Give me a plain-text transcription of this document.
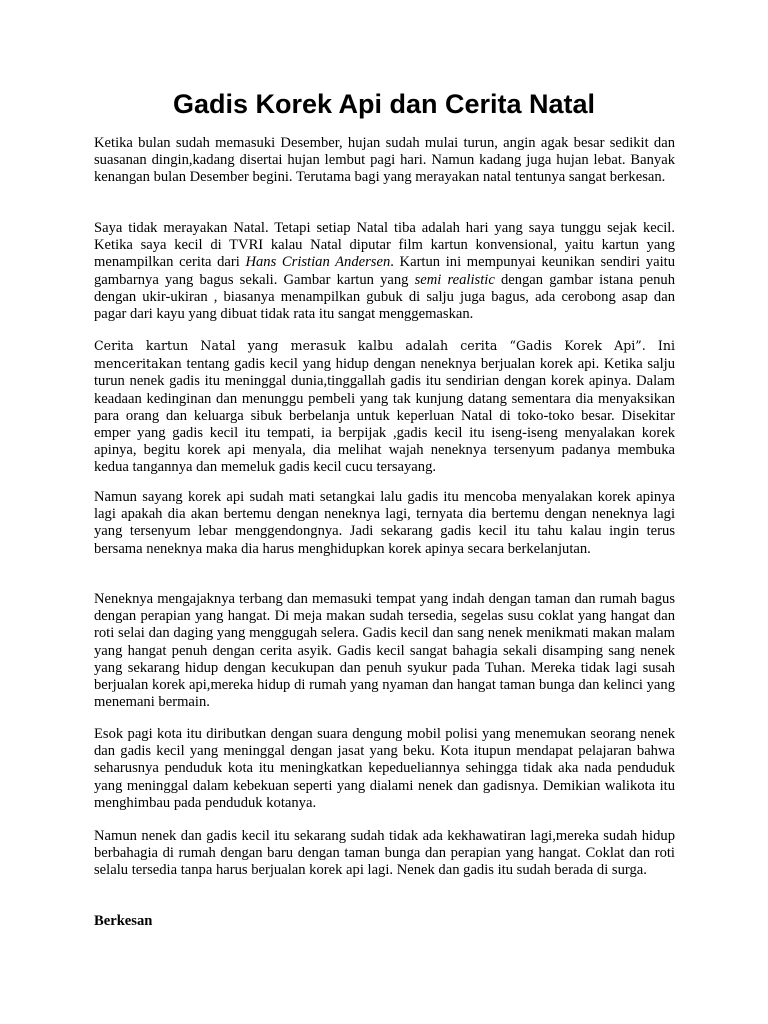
Gadis Korek Api dan Cerita Natal

Ketika bulan sudah memasuki Desember, hujan sudah mulai turun, angin agak besar sedikit dan suasanan dingin,kadang disertai hujan lembut pagi hari. Namun kadang juga hujan lebat. Banyak kenangan bulan Desember begini. Terutama bagi yang merayakan natal tentunya sangat berkesan.

Saya tidak merayakan Natal. Tetapi setiap Natal tiba adalah hari yang saya tunggu sejak kecil. Ketika saya kecil di TVRI kalau Natal diputar film kartun konvensional, yaitu kartun yang menampilkan cerita dari Hans Cristian Andersen. Kartun ini mempunyai keunikan sendiri yaitu gambarnya yang bagus sekali. Gambar kartun yang semi realistic dengan gambar istana penuh dengan ukir-ukiran , biasanya menampilkan gubuk di salju juga bagus, ada cerobong asap dan pagar dari kayu yang dibuat tidak rata itu sangat menggemaskan.

Cerita kartun Natal yang merasuk kalbu adalah cerita “Gadis Korek Api”. Ini menceritakan tentang gadis kecil yang hidup dengan neneknya berjualan korek api. Ketika salju turun nenek gadis itu meninggal dunia,tinggallah gadis itu sendirian dengan korek apinya. Dalam keadaan kedinginan dan menunggu pembeli yang tak kunjung datang sementara dia menyaksikan para orang dan keluarga sibuk berbelanja untuk keperluan Natal di toko-toko besar. Disekitar emper yang gadis kecil itu tempati, ia berpijak ,gadis kecil itu iseng-iseng menyalakan korek apinya, begitu korek api menyala, dia melihat wajah neneknya tersenyum padanya membuka kedua tangannya dan memeluk gadis kecil cucu tersayang.

Namun sayang korek api sudah mati setangkai lalu gadis itu mencoba menyalakan korek apinya lagi apakah dia akan bertemu dengan neneknya lagi, ternyata dia bertemu dengan neneknya lagi yang tersenyum lebar menggendongnya. Jadi sekarang gadis kecil itu tahu kalau ingin terus bersama neneknya maka dia harus menghidupkan korek apinya secara berkelanjutan.

Neneknya mengajaknya terbang dan memasuki tempat yang indah dengan taman dan rumah bagus dengan perapian yang hangat. Di meja makan sudah tersedia, segelas susu coklat yang hangat dan roti selai dan daging yang menggugah selera. Gadis kecil dan sang nenek menikmati makan malam yang hangat penuh dengan cerita asyik. Gadis kecil sangat bahagia sekali disamping sang nenek yang sekarang hidup dengan kecukupan dan penuh syukur pada Tuhan. Mereka tidak lagi susah berjualan korek api,mereka hidup di rumah yang nyaman dan hangat taman bunga dan kelinci yang menemani bermain.

Esok pagi kota itu diributkan dengan suara dengung mobil polisi yang menemukan seorang nenek dan gadis kecil yang meninggal dengan jasat yang beku. Kota itupun mendapat pelajaran bahwa seharusnya penduduk kota itu meningkatkan kepedueliannya sehingga tidak aka nada penduduk yang meninggal dalam kebekuan seperti yang dialami nenek dan gadisnya. Demikian walikota itu menghimbau pada penduduk kotanya.

Namun nenek dan gadis kecil itu sekarang sudah tidak ada kekhawatiran lagi,mereka sudah hidup berbahagia di rumah dengan baru dengan taman bunga dan perapian yang hangat. Coklat dan roti selalu tersedia tanpa harus berjualan korek api lagi. Nenek dan gadis itu sudah berada di surga.

Berkesan
